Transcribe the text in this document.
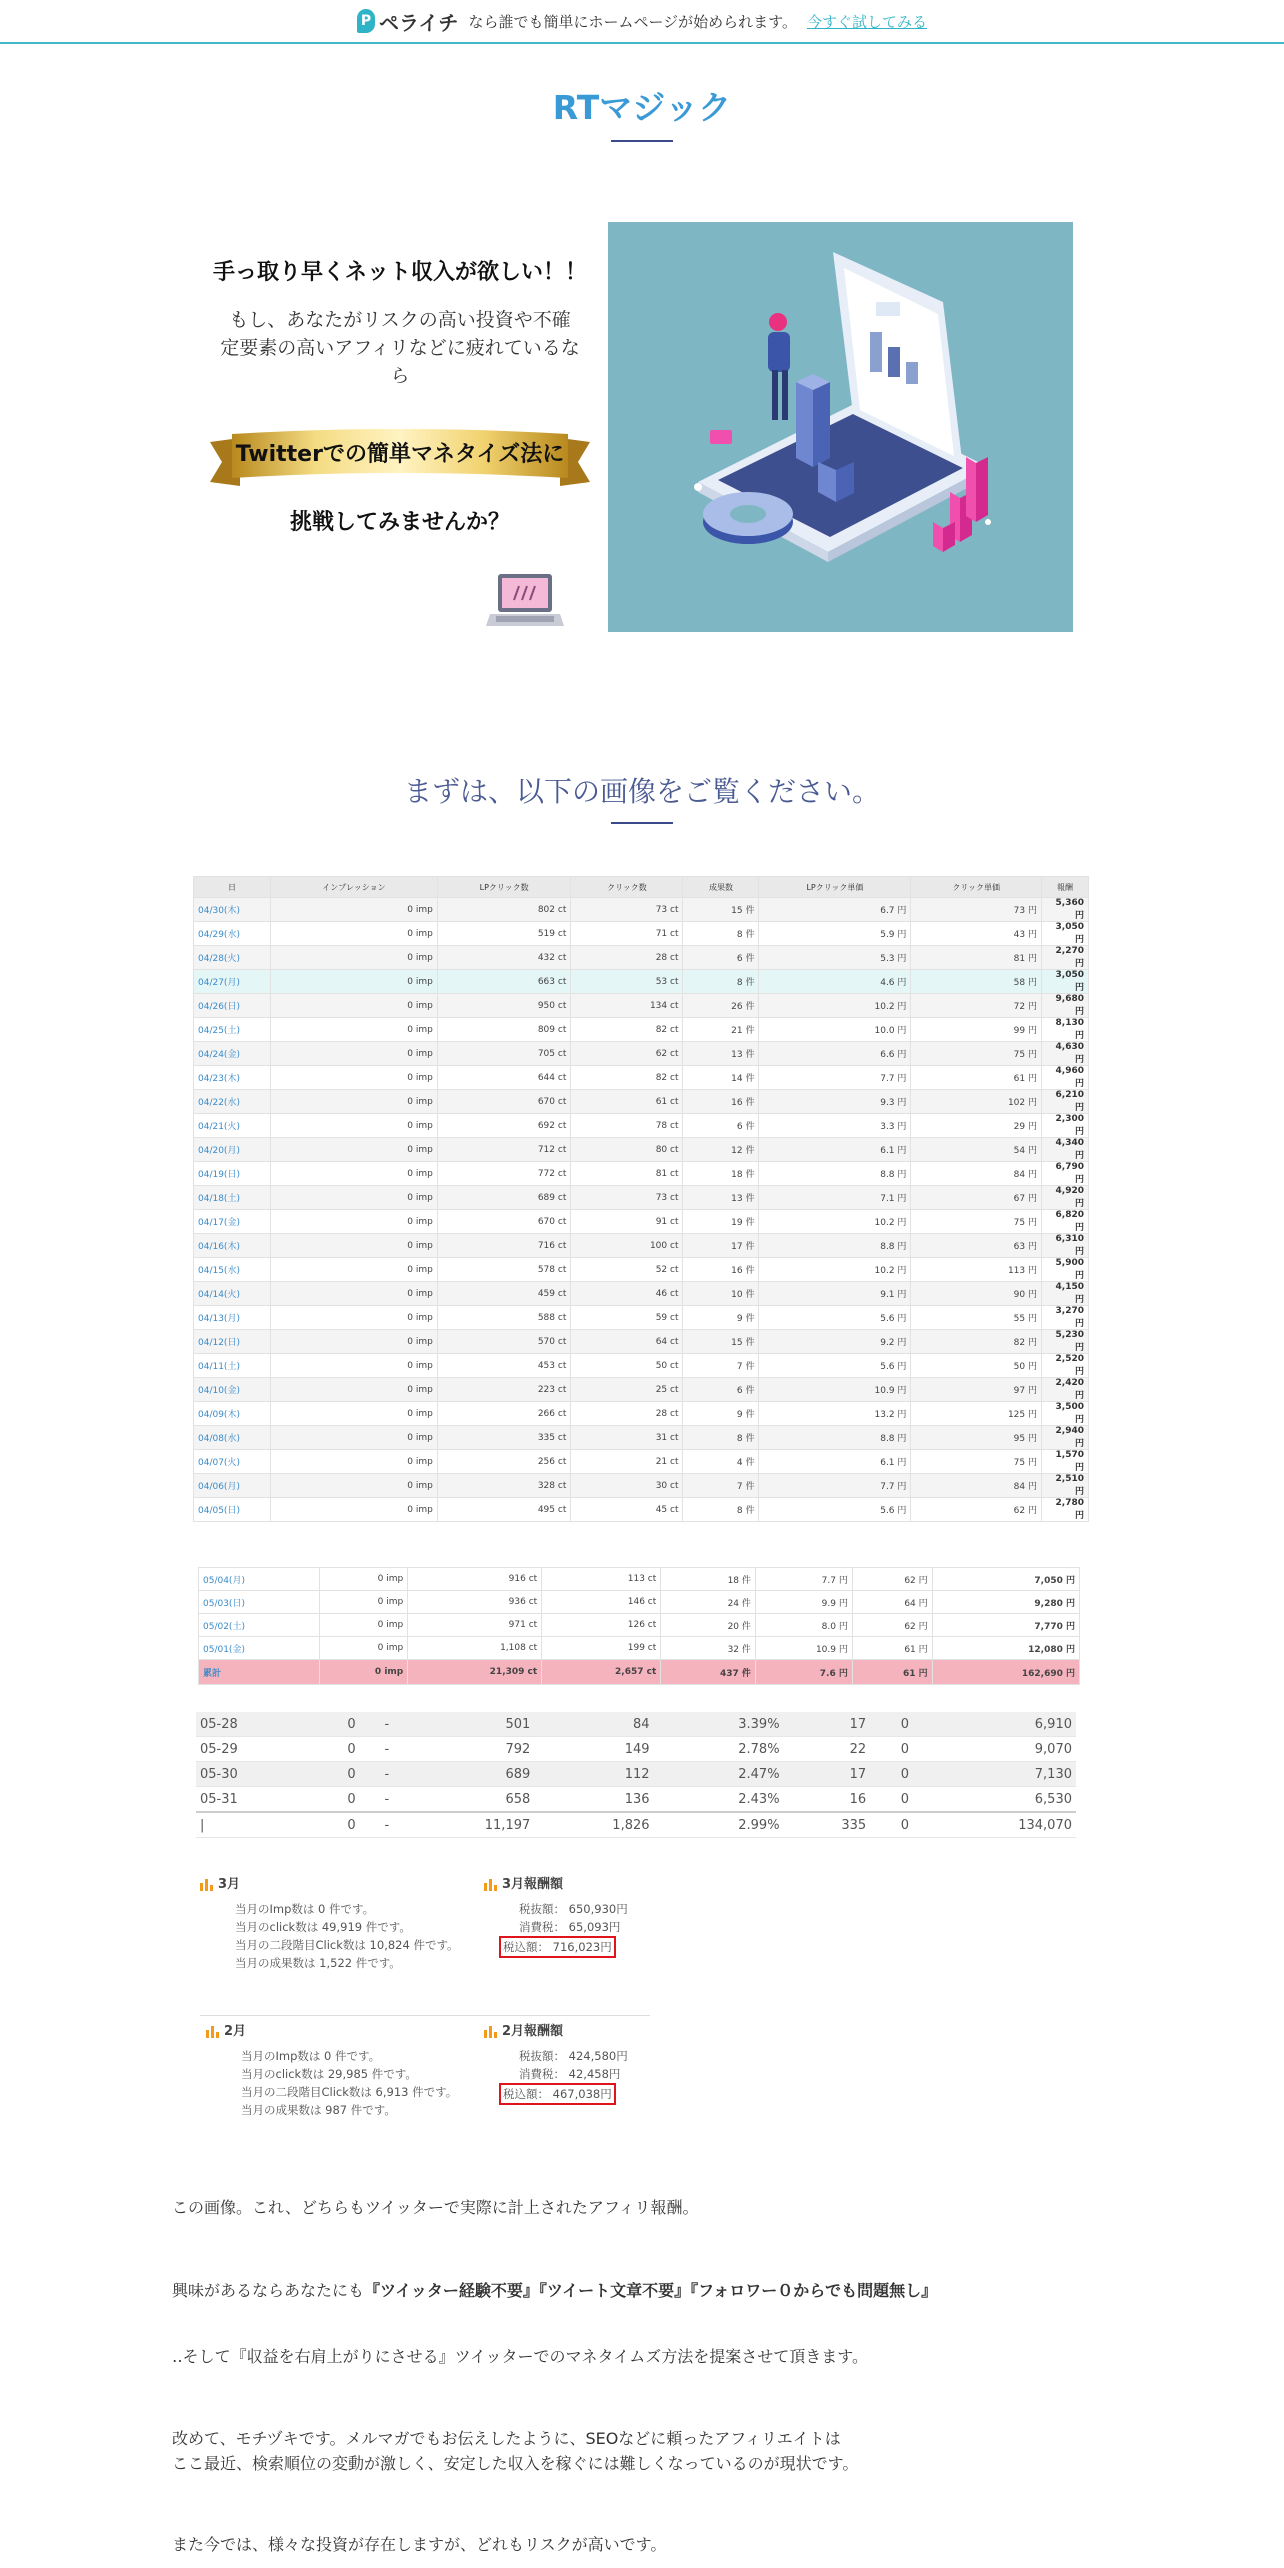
P ペライチ なら誰でも簡単にホームページが始められます。 今すぐ試してみる
RTマジック
手っ取り早くネット収入が欲しい！！
もし、あなたがリスクの高い投資や不確定要素の高いアフィリなどに疲れているなら
Twitterでの簡単マネタイズ法に
挑戦してみませんか？
まずは、以下の画像をご覧ください。
日	インプレッション	LPクリック数	クリック数	成果数	LPクリック単価	クリック単価	報酬
04/30(木)	0 imp	802 ct	73 ct	15 件	6.7 円	73 円	5,360 円
04/29(水)	0 imp	519 ct	71 ct	8 件	5.9 円	43 円	3,050 円
04/28(火)	0 imp	432 ct	28 ct	6 件	5.3 円	81 円	2,270 円
04/27(月)	0 imp	663 ct	53 ct	8 件	4.6 円	58 円	3,050 円
04/26(日)	0 imp	950 ct	134 ct	26 件	10.2 円	72 円	9,680 円
04/25(土)	0 imp	809 ct	82 ct	21 件	10.0 円	99 円	8,130 円
04/24(金)	0 imp	705 ct	62 ct	13 件	6.6 円	75 円	4,630 円
04/23(木)	0 imp	644 ct	82 ct	14 件	7.7 円	61 円	4,960 円
04/22(水)	0 imp	670 ct	61 ct	16 件	9.3 円	102 円	6,210 円
04/21(火)	0 imp	692 ct	78 ct	6 件	3.3 円	29 円	2,300 円
04/20(月)	0 imp	712 ct	80 ct	12 件	6.1 円	54 円	4,340 円
04/19(日)	0 imp	772 ct	81 ct	18 件	8.8 円	84 円	6,790 円
04/18(土)	0 imp	689 ct	73 ct	13 件	7.1 円	67 円	4,920 円
04/17(金)	0 imp	670 ct	91 ct	19 件	10.2 円	75 円	6,820 円
04/16(木)	0 imp	716 ct	100 ct	17 件	8.8 円	63 円	6,310 円
04/15(水)	0 imp	578 ct	52 ct	16 件	10.2 円	113 円	5,900 円
04/14(火)	0 imp	459 ct	46 ct	10 件	9.1 円	90 円	4,150 円
04/13(月)	0 imp	588 ct	59 ct	9 件	5.6 円	55 円	3,270 円
04/12(日)	0 imp	570 ct	64 ct	15 件	9.2 円	82 円	5,230 円
04/11(土)	0 imp	453 ct	50 ct	7 件	5.6 円	50 円	2,520 円
04/10(金)	0 imp	223 ct	25 ct	6 件	10.9 円	97 円	2,420 円
04/09(木)	0 imp	266 ct	28 ct	9 件	13.2 円	125 円	3,500 円
04/08(水)	0 imp	335 ct	31 ct	8 件	8.8 円	95 円	2,940 円
04/07(火)	0 imp	256 ct	21 ct	4 件	6.1 円	75 円	1,570 円
04/06(月)	0 imp	328 ct	30 ct	7 件	7.7 円	84 円	2,510 円
04/05(日)	0 imp	495 ct	45 ct	8 件	5.6 円	62 円	2,780 円
05/04(月)	0 imp	916 ct	113 ct	18 件	7.7 円	62 円	7,050 円
05/03(日)	0 imp	936 ct	146 ct	24 件	9.9 円	64 円	9,280 円
05/02(土)	0 imp	971 ct	126 ct	20 件	8.0 円	62 円	7,770 円
05/01(金)	0 imp	1,108 ct	199 ct	32 件	10.9 円	61 円	12,080 円
累計	0 imp	21,309 ct	2,657 ct	437 件	7.6 円	61 円	162,690 円
05-28	0	-	501	84	3.39%	17	0	6,910
05-29	0	-	792	149	2.78%	22	0	9,070
05-30	0	-	689	112	2.47%	17	0	7,130
05-31	0	-	658	136	2.43%	16	0	6,530
|	0	-	11,197	1,826	2.99%	335	0	134,070
3月
当月のImp数は 0 件です。
当月のclick数は 49,919 件です。
当月の二段階目Click数は 10,824 件です。
当月の成果数は 1,522 件です。
3月報酬額
税抜額： 650,930円
消費税： 65,093円
税込額： 716,023円
2月
当月のImp数は 0 件です。
当月のclick数は 29,985 件です。
当月の二段階目Click数は 6,913 件です。
当月の成果数は 987 件です。
2月報酬額
税抜額： 424,580円
消費税： 42,458円
税込額： 467,038円
この画像。これ、どちらもツイッターで実際に計上されたアフィリ報酬。
興味があるならあなたにも『ツイッター経験不要』『ツイート文章不要』『フォロワー０からでも問題無し』
‥そして『収益を右肩上がりにさせる』ツイッターでのマネタイムズ方法を提案させて頂きます。
改めて、モチヅキです。メルマガでもお伝えしたように、SEOなどに頼ったアフィリエイトは
ここ最近、検索順位の変動が激しく、安定した収入を稼ぐには難しくなっているのが現状です。
また今では、様々な投資が存在しますが、どれもリスクが高いです。
